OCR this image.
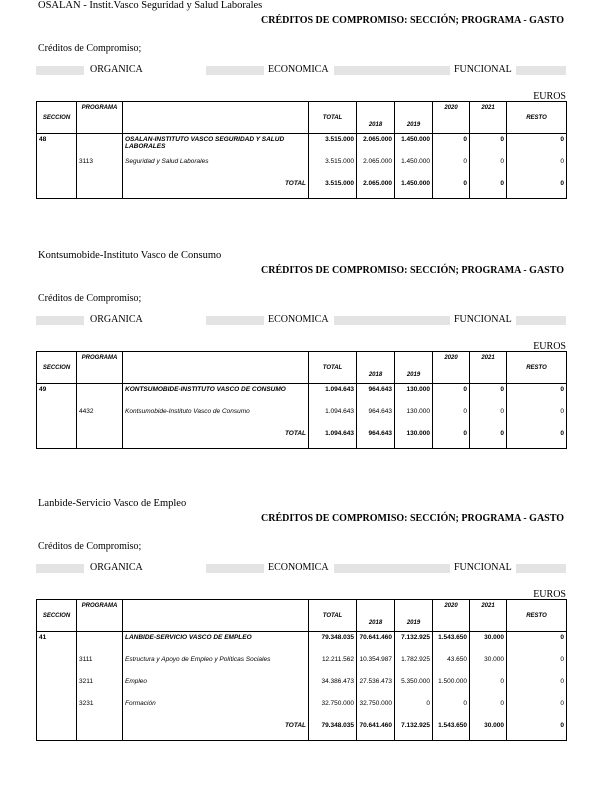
OSALAN - Instit.Vasco Seguridad y Salud Laborales
CRÉDITOS DE COMPROMISO: SECCIÓN; PROGRAMA - GASTO
Créditos de Compromiso;
ORGANICA	ECONOMICA	FUNCIONAL
EUROS
SECCION	PROGRAMA		TOTAL	2018	2019	2020	2021	RESTO
48		OSALAN-INSTITUTO VASCO SEGURIDAD Y SALUD LABORALES	3.515.000	2.065.000	1.450.000	0	0	0
	3113	Seguridad y Salud Laborales	3.515.000	2.065.000	1.450.000	0	0	0
		TOTAL	3.515.000	2.065.000	1.450.000	0	0	0
Kontsumobide-Instituto Vasco de Consumo
CRÉDITOS DE COMPROMISO: SECCIÓN; PROGRAMA - GASTO
Créditos de Compromiso;
ORGANICA	ECONOMICA	FUNCIONAL
EUROS
SECCION	PROGRAMA		TOTAL	2018	2019	2020	2021	RESTO
49		KONTSUMOBIDE-INSTITUTO VASCO DE CONSUMO	1.094.643	964.643	130.000	0	0	0
	4432	Kontsumobide-Instituto Vasco de Consumo	1.094.643	964.643	130.000	0	0	0
		TOTAL	1.094.643	964.643	130.000	0	0	0
Lanbide-Servicio Vasco de Empleo
CRÉDITOS DE COMPROMISO: SECCIÓN; PROGRAMA - GASTO
Créditos de Compromiso;
ORGANICA	ECONOMICA	FUNCIONAL
EUROS
SECCION	PROGRAMA		TOTAL	2018	2019	2020	2021	RESTO
41		LANBIDE-SERVICIO VASCO DE EMPLEO	79.348.035	70.641.460	7.132.925	1.543.650	30.000	0
	3111	Estructura y Apoyo de Empleo y Políticas Sociales	12.211.562	10.354.987	1.782.925	43.650	30.000	0
	3211	Empleo	34.386.473	27.536.473	5.350.000	1.500.000	0	0
	3231	Formación	32.750.000	32.750.000	0	0	0	0
		TOTAL	79.348.035	70.641.460	7.132.925	1.543.650	30.000	0
